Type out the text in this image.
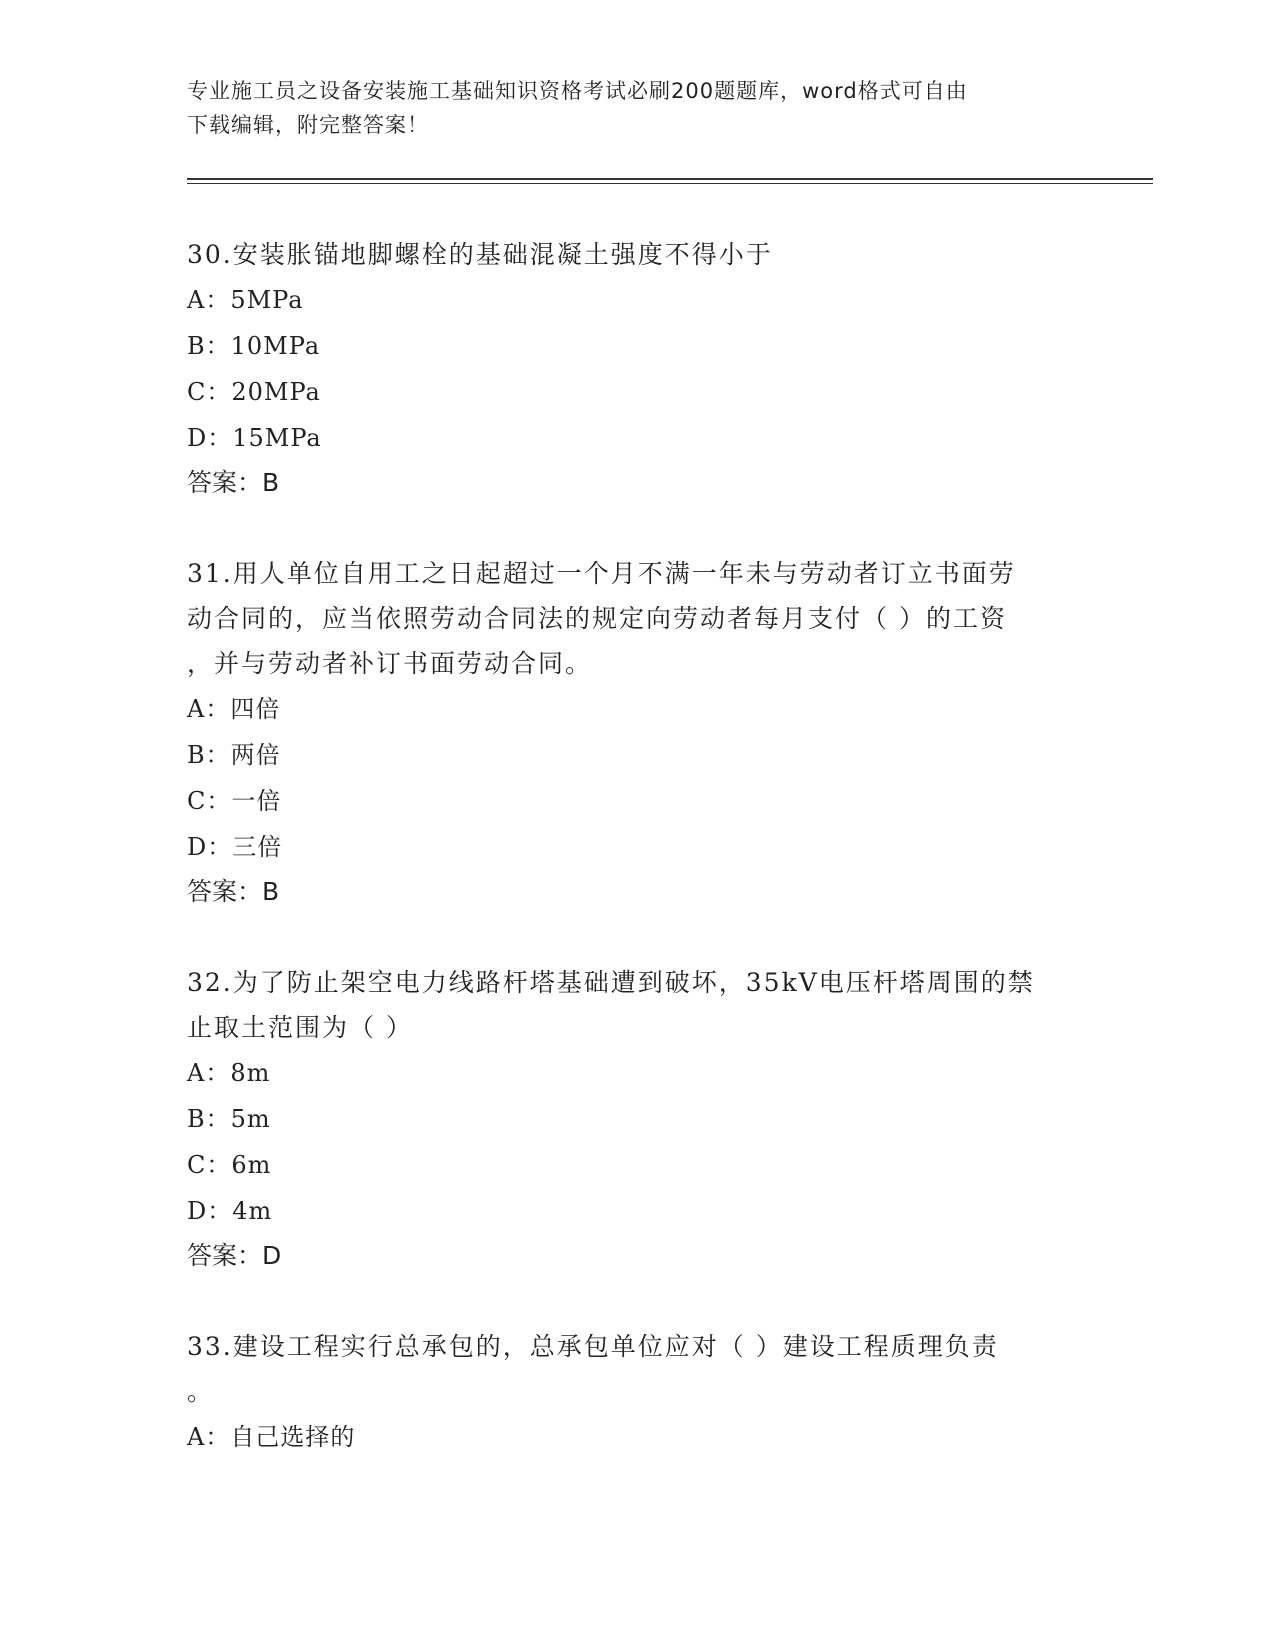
专业施工员之设备安装施工基础知识资格考试必刷200题题库，word格式可自由
下载编辑，附完整答案！

30.安装胀锚地脚螺栓的基础混凝土强度不得小于

A：5MPa

B：10MPa

C：20MPa

D：15MPa

答案：B

31.用人单位自用工之日起超过一个月不满一年未与劳动者订立书面劳

动合同的，应当依照劳动合同法的规定向劳动者每月支付（ ）的工资

，并与劳动者补订书面劳动合同。

A：四倍

B：两倍

C：一倍

D：三倍

答案：B

32.为了防止架空电力线路杆塔基础遭到破坏，35kV电压杆塔周围的禁

止取土范围为（ ）

A：8m

B：5m

C：6m

D：4m

答案：D

33.建设工程实行总承包的，总承包单位应对（ ）建设工程质理负责

。

A：自己选择的
